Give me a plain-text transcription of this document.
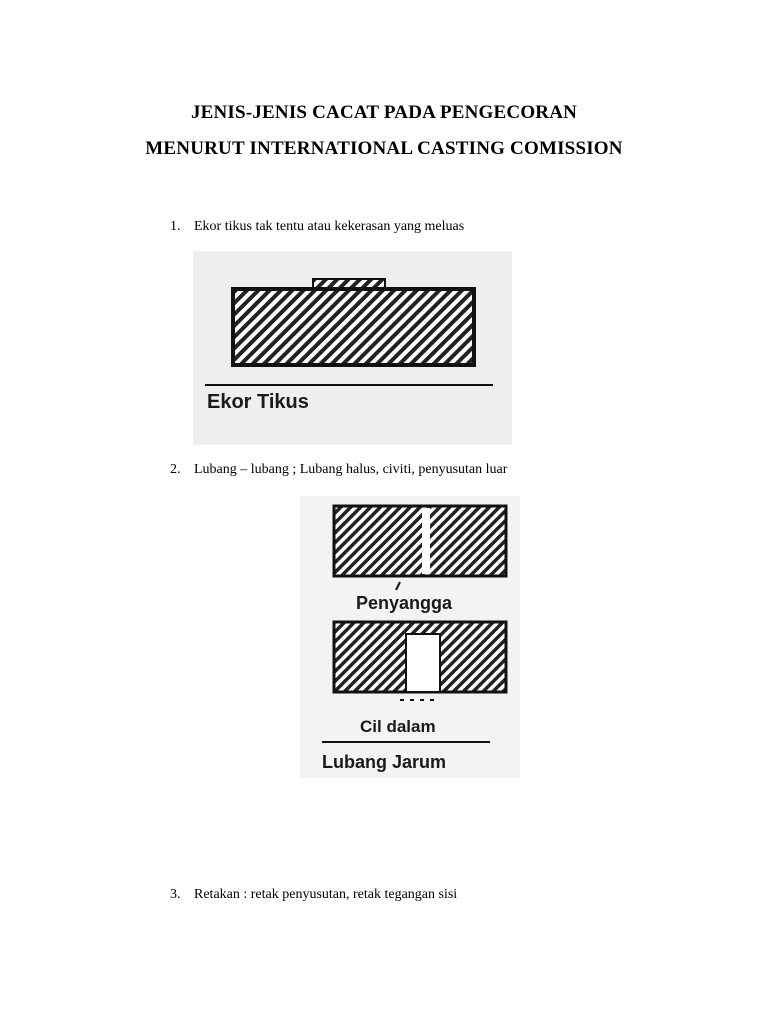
JENIS-JENIS CACAT PADA PENGECORAN
MENURUT INTERNATIONAL CASTING COMISSION
1. Ekor tikus tak tentu atau kekerasan yang meluas
Ekor Tikus
2. Lubang – lubang ; Lubang halus, civiti, penyusutan luar
Penyangga
Cil dalam
Lubang Jarum
3. Retakan : retak penyusutan, retak tegangan sisi
